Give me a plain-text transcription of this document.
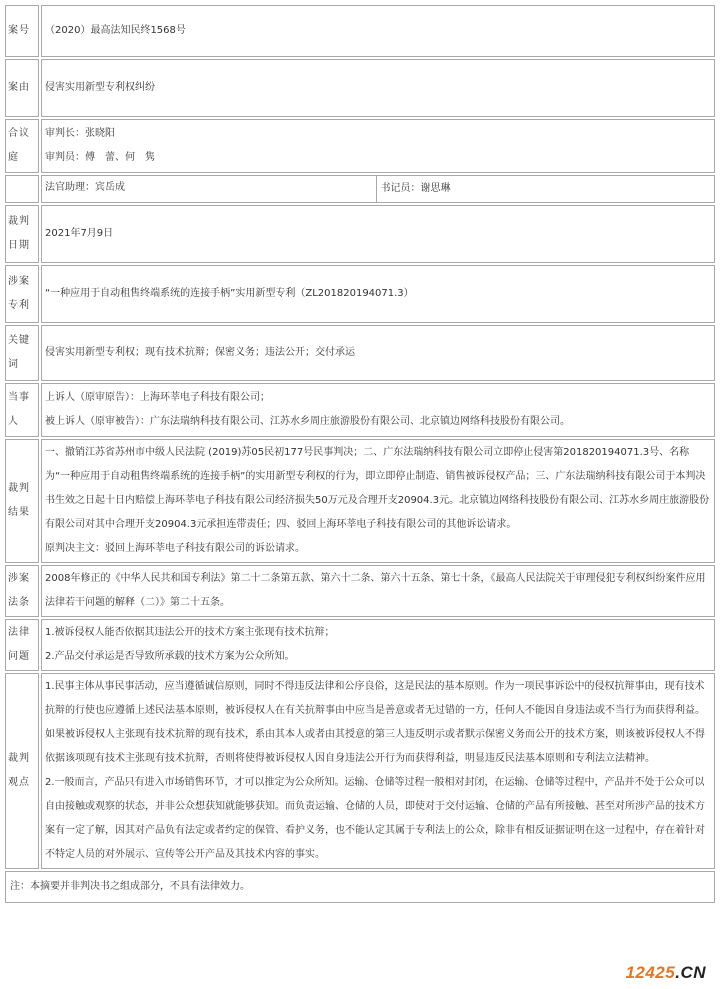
案号	（2020）最高法知民终1568号
案由	侵害实用新型专利权纠纷
合议庭	审判长：张晓阳

审判员：傅　蕾、何　隽

	法官助理：宾岳成 书记员：谢思琳

裁判日期	2021年7月9日
涉案专利	“一种应用于自动租售终端系统的连接手柄”实用新型专利（ZL201820194071.3）
关键词	侵害实用新型专利权；现有技术抗辩；保密义务；违法公开；交付承运
当事人	上诉人（原审原告）：上海环莘电子科技有限公司；

被上诉人（原审被告）：广东法瑞纳科技有限公司、江苏水乡周庄旅游股份有限公司、北京镇边网络科技股份有限公司。

裁判结果	一、撤销江苏省苏州市中级人民法院 (2019)苏05民初177号民事判决；二、广东法瑞纳科技有限公司立即停止侵害第201820194071.3号、名称为“一种应用于自动租售终端系统的连接手柄”的实用新型专利权的行为，即立即停止制造、销售被诉侵权产品；三、广东法瑞纳科技有限公司于本判决书生效之日起十日内赔偿上海环莘电子科技有限公司经济损失50万元及合理开支20904.3元。北京镇边网络科技股份有限公司、江苏水乡周庄旅游股份有限公司对其中合理开支20904.3元承担连带责任；四、驳回上海环莘电子科技有限公司的其他诉讼请求。

原判决主文：驳回上海环莘电子科技有限公司的诉讼请求。

涉案法条	2008年修正的《中华人民共和国专利法》第二十二条第五款、第六十二条、第六十五条、第七十条，《最高人民法院关于审理侵犯专利权纠纷案件应用法律若干问题的解释（二）》第二十五条。
法律问题	1.被诉侵权人能否依据其违法公开的技术方案主张现有技术抗辩；

2.产品交付承运是否导致所承载的技术方案为公众所知。

裁判观点	1.民事主体从事民事活动，应当遵循诚信原则，同时不得违反法律和公序良俗，这是民法的基本原则。作为一项民事诉讼中的侵权抗辩事由，现有技术抗辩的行使也应遵循上述民法基本原则，被诉侵权人在有关抗辩事由中应当是善意或者无过错的一方，任何人不能因自身违法或不当行为而获得利益。如果被诉侵权人主张现有技术抗辩的现有技术，系由其本人或者由其授意的第三人违反明示或者默示保密义务而公开的技术方案，则该被诉侵权人不得依据该项现有技术主张现有技术抗辩，否则将使得被诉侵权人因自身违法公开行为而获得利益，明显违反民法基本原则和专利法立法精神。

2.一般而言，产品只有进入市场销售环节，才可以推定为公众所知。运输、仓储等过程一般相对封闭，在运输、仓储等过程中，产品并不处于公众可以自由接触或观察的状态，并非公众想获知就能够获知。而负责运输、仓储的人员，即使对于交付运输、仓储的产品有所接触、甚至对所涉产品的技术方案有一定了解，因其对产品负有法定或者约定的保管、看护义务，也不能认定其属于专利法上的公众，除非有相反证据证明在这一过程中，存在着针对不特定人员的对外展示、宣传等公开产品及其技术内容的事实。

注：本摘要并非判决书之组成部分，不具有法律效力。	
12425.CN
